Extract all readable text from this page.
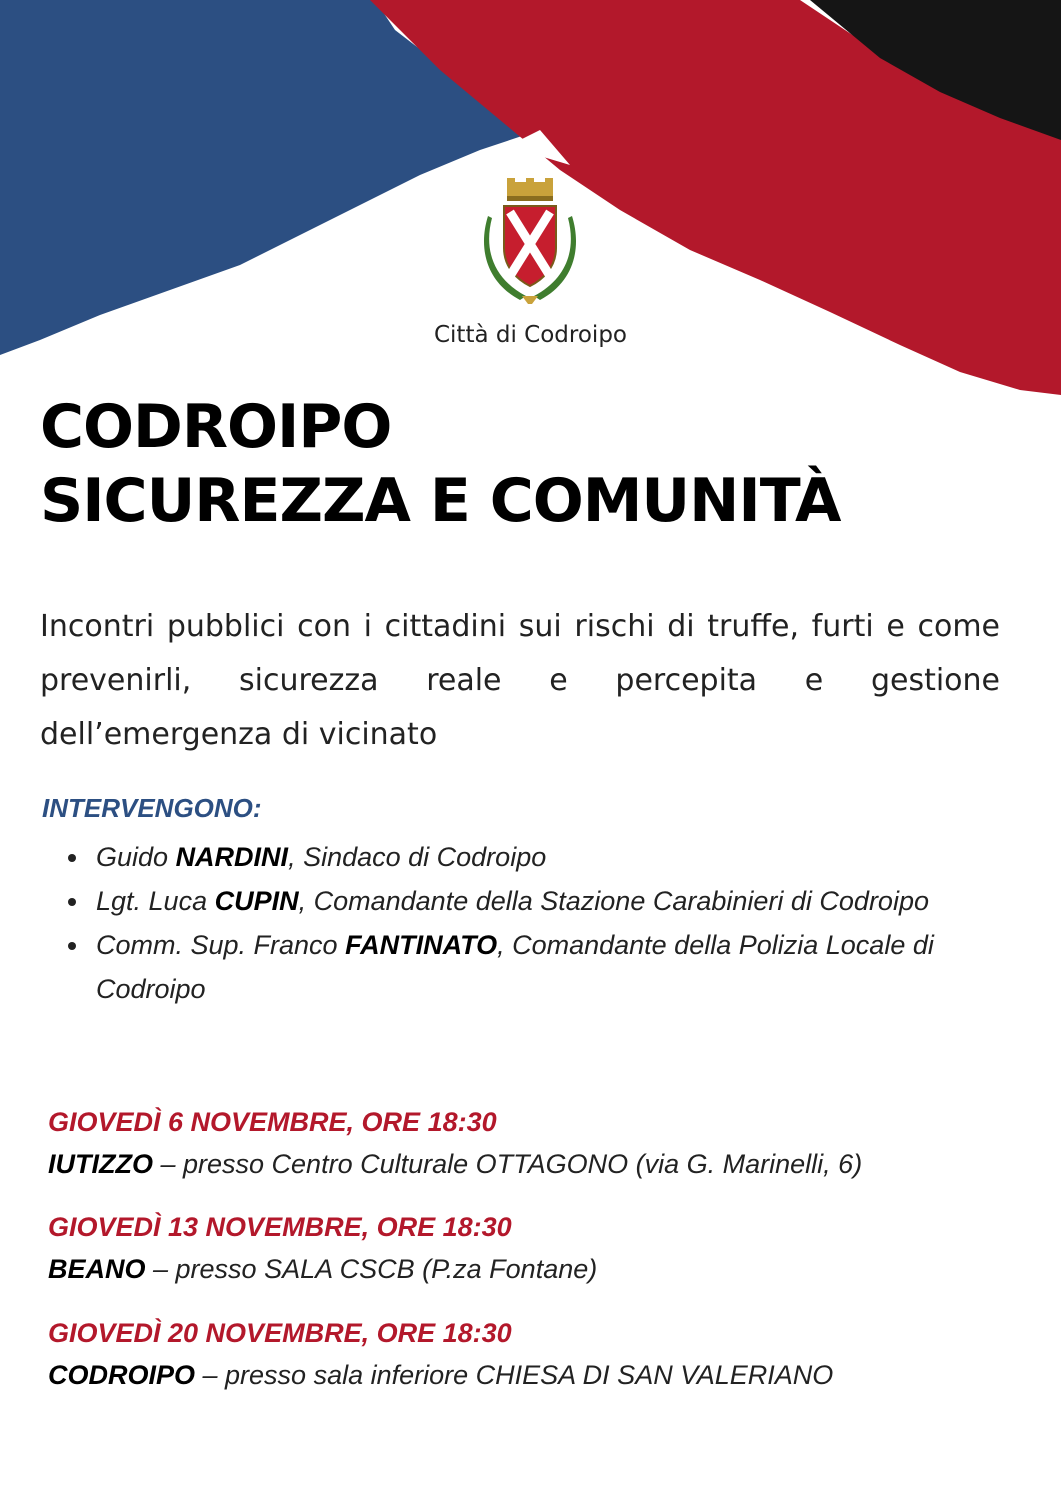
Città di Codroipo
CODROIPO
SICUREZZA E COMUNITÀ

Incontri pubblici con i cittadini sui rischi di truffe, furti e come prevenirli, sicurezza reale e percepita e gestione dell’emergenza di vicinato

INTERVENGONO:
Guido NARDINI, Sindaco di Codroipo
Lgt. Luca CUPIN, Comandante della Stazione Carabinieri di Codroipo
Comm. Sup. Franco FANTINATO, Comandante della Polizia Locale di Codroipo
GIOVEDÌ 6 NOVEMBRE, ORE 18:30
IUTIZZO – presso Centro Culturale OTTAGONO (via G. Marinelli, 6)
GIOVEDÌ 13 NOVEMBRE, ORE 18:30
BEANO – presso SALA CSCB (P.za Fontane)
GIOVEDÌ 20 NOVEMBRE, ORE 18:30
CODROIPO – presso sala inferiore CHIESA DI SAN VALERIANO
